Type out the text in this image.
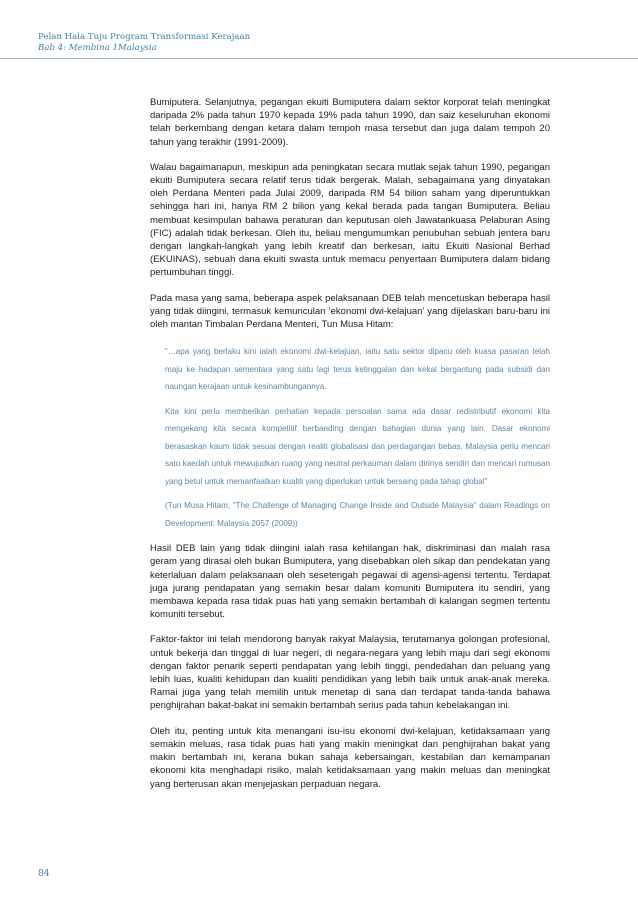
Pelan Hala Tuju Program Transformasi Kerajaan
Bab 4: Membina 1Malaysia

Bumiputera. Selanjutnya, pegangan ekuiti Bumiputera dalam sektor korporat telah meningkat daripada 2% pada tahun 1970 kepada 19% pada tahun 1990, dan saiz keseluruhan ekonomi telah berkembang dengan ketara dalam tempoh masa tersebut dan juga dalam tempoh 20 tahun yang terakhir (1991-2009).

Walau bagaimanapun, meskipun ada peningkatan secara mutlak sejak tahun 1990, pegangan ekuiti Bumiputera secara relatif terus tidak bergerak. Malah, sebagaimana yang dinyatakan oleh Perdana Menteri pada Julai 2009, daripada RM 54 bilion saham yang diperuntukkan sehingga hari ini, hanya RM 2 bilion yang kekal berada pada tangan Bumiputera. Beliau membuat kesimpulan bahawa peraturan dan keputusan oleh Jawatankuasa Pelaburan Asing (FIC) adalah tidak berkesan. Oleh itu, beliau mengumumkan penubuhan sebuah jentera baru dengan langkah-langkah yang lebih kreatif dan berkesan, iaitu Ekuiti Nasional Berhad (EKUINAS), sebuah dana ekuiti swasta untuk memacu penyertaan Bumiputera dalam bidang pertumbuhan tinggi.

Pada masa yang sama, beberapa aspek pelaksanaan DEB telah mencetuskan beberapa hasil yang tidak diingini, termasuk kemunculan ‘ekonomi dwi-kelajuan’ yang dijelaskan baru-baru ini oleh mantan Timbalan Perdana Menteri, Tun Musa Hitam:

“…apa yang berlaku kini ialah ekonomi dwi-kelajuan, iaitu satu sektor dipacu oleh kuasa pasaran telah maju ke hadapan sementara yang satu lagi terus ketinggalan dan kekal bergantung pada subsidi dan naungan kerajaan untuk kesinambungannya.

Kita kini perlu memberikan perhatian kepada persoalan sama ada dasar redistributif ekonomi kita mengekang kita secara kompetitif berbanding dengan bahagian dunia yang lain. Dasar ekonomi berasaskan kaum tidak sesuai dengan realiti globalisasi dan perdagangan bebas. Malaysia perlu mencari satu kaedah untuk mewujudkan ruang yang neutral perkauman dalam dirinya sendiri dan mencari rumusan yang betul untuk memanfaatkan kualiti yang diperlukan untuk bersaing pada tahap global”

(Tun Musa Hitam, “The Challenge of Managing Change Inside and Outside Malaysia” dalam Readings on Development: Malaysia 2057 (2009))

Hasil DEB lain yang tidak diingini ialah rasa kehilangan hak, diskriminasi dan malah rasa geram yang dirasai oleh bukan Bumiputera, yang disebabkan oleh sikap dan pendekatan yang keterlaluan dalam pelaksanaan oleh sesetengah pegawai di agensi-agensi tertentu. Terdapat juga jurang pendapatan yang semakin besar dalam komuniti Bumiputera itu sendiri, yang membawa kepada rasa tidak puas hati yang semakin bertambah di kalangan segmen tertentu komuniti tersebut.

Faktor-faktor ini telah mendorong banyak rakyat Malaysia, terutamanya golongan profesional, untuk bekerja dan tinggal di luar negeri, di negara-negara yang lebih maju dari segi ekonomi dengan faktor penarik seperti pendapatan yang lebih tinggi, pendedahan dan peluang yang lebih luas, kualiti kehidupan dan kualiti pendidikan yang lebih baik untuk anak-anak mereka. Ramai juga yang telah memilih untuk menetap di sana dan terdapat tanda-tanda bahawa penghijrahan bakat-bakat ini semakin bertambah serius pada tahun kebelakangan ini.

Oleh itu, penting untuk kita menangani isu-isu ekonomi dwi-kelajuan, ketidaksamaan yang semakin meluas, rasa tidak puas hati yang makin meningkat dan penghijrahan bakat yang makin bertambah ini, kerana bukan sahaja kebersaingan, kestabilan dan kemampanan ekonomi kita menghadapi risiko, malah ketidaksamaan yang makin meluas dan meningkat yang berterusan akan menjejaskan perpaduan negara.

84
